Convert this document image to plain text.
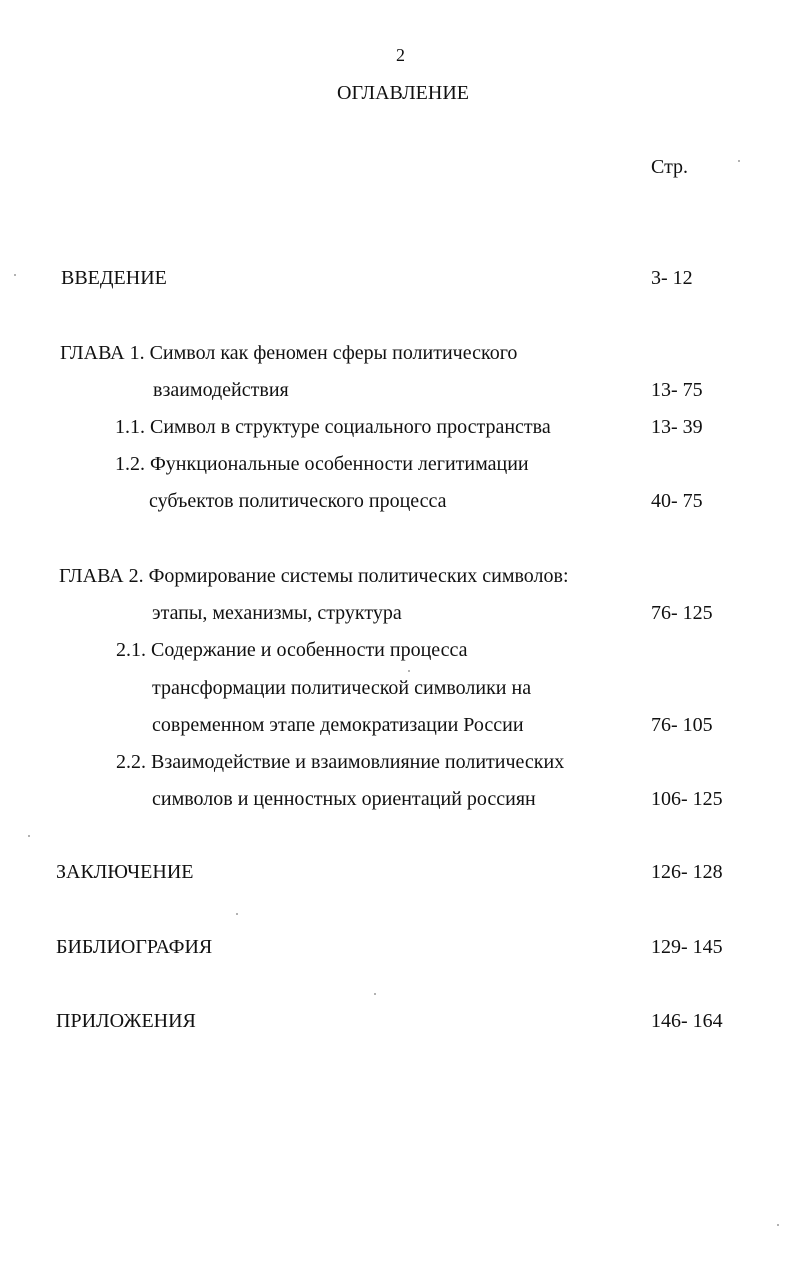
2
ОГЛАВЛЕНИЕ
Стр.
ВВЕДЕНИЕ	3- 12
ГЛАВА 1. Символ как феномен сферы политического
взаимодействия	13- 75
1.1. Символ в структуре социального пространства	13- 39
1.2. Функциональные особенности легитимации
субъектов политического процесса	40- 75
ГЛАВА 2. Формирование системы политических символов:
этапы, механизмы, структура	76- 125
2.1. Содержание и особенности процесса
трансформации политической символики на
современном этапе демократизации России	76- 105
2.2. Взаимодействие и взаимовлияние политических
символов и ценностных ориентаций россиян	106- 125
ЗАКЛЮЧЕНИЕ	126- 128
БИБЛИОГРАФИЯ	129- 145
ПРИЛОЖЕНИЯ	146- 164
